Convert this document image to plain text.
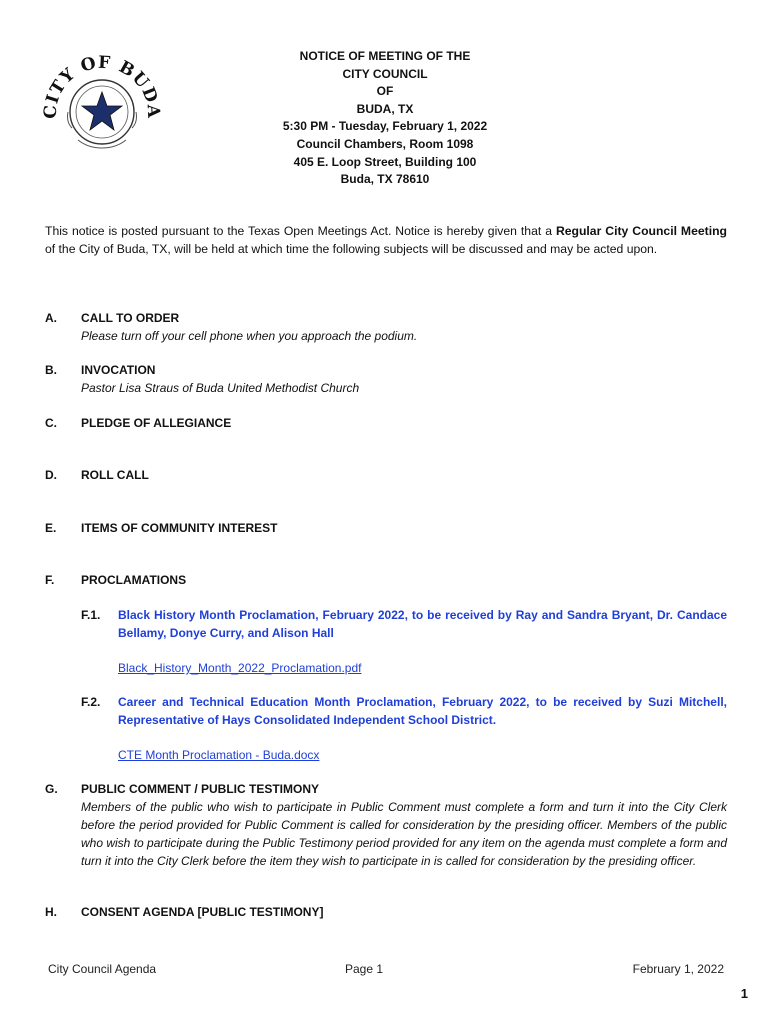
CITY OF BUDA
NOTICE OF MEETING OF THE
CITY COUNCIL
OF
BUDA, TX
5:30 PM - Tuesday, February 1, 2022
Council Chambers, Room 1098
405 E. Loop Street, Building 100
Buda, TX 78610
This notice is posted pursuant to the Texas Open Meetings Act. Notice is hereby given that a Regular City Council Meeting of the City of Buda, TX, will be held at which time the following subjects will be discussed and may be acted upon.
A. CALL TO ORDER
Please turn off your cell phone when you approach the podium.
B. INVOCATION
Pastor Lisa Straus of Buda United Methodist Church
C. PLEDGE OF ALLEGIANCE
D. ROLL CALL
E. ITEMS OF COMMUNITY INTEREST
F. PROCLAMATIONS
F.1. Black History Month Proclamation, February 2022, to be received by Ray and Sandra Bryant, Dr. Candace Bellamy, Donye Curry, and Alison Hall
Black_History_Month_2022_Proclamation.pdf
F.2. Career and Technical Education Month Proclamation, February 2022, to be received by Suzi Mitchell, Representative of Hays Consolidated Independent School District.
CTE Month Proclamation - Buda.docx
G. PUBLIC COMMENT / PUBLIC TESTIMONY
Members of the public who wish to participate in Public Comment must complete a form and turn it into the City Clerk before the period provided for Public Comment is called for consideration by the presiding officer. Members of the public who wish to participate during the Public Testimony period provided for any item on the agenda must complete a form and turn it into the City Clerk before the item they wish to participate in is called for consideration by the presiding officer.
H. CONSENT AGENDA [PUBLIC TESTIMONY]
City Council Agenda	Page 1	February 1, 2022
1
